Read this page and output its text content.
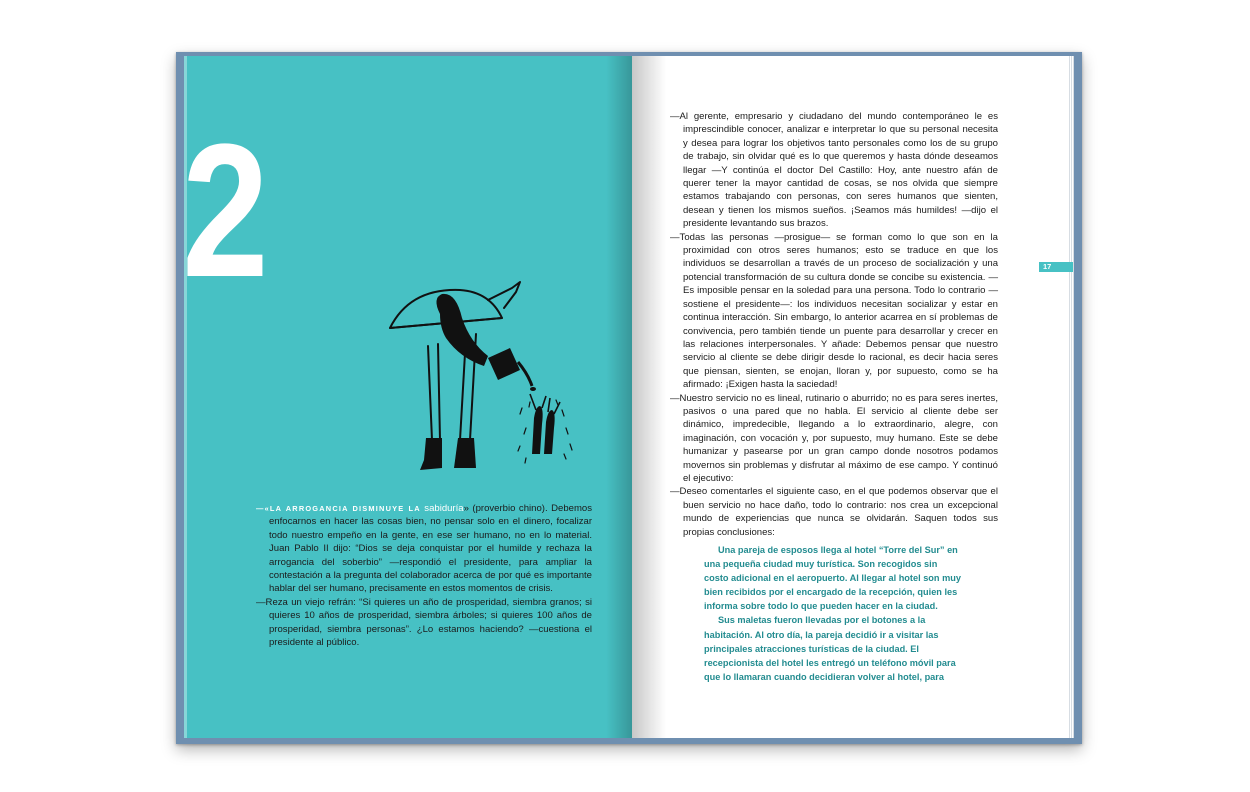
2

—«LA ARROGANCIA DISMINUYE LA sabiduría» (proverbio chino). Debemos enfocarnos en hacer las cosas bien, no pensar solo en el dinero, focalizar todo nuestro empeño en la gente, en ese ser humano, no en lo material. Juan Pablo II dijo: “Dios se deja conquistar por el humilde y rechaza la arrogancia del soberbio” —respondió el presidente, para ampliar la contestación a la pregunta del colaborador acerca de por qué es importante hablar del ser humano, precisamente en estos momentos de crisis.

—Reza un viejo refrán: “Si quieres un año de prosperidad, siembra granos; si quieres 10 años de prosperidad, siembra árboles; si quieres 100 años de prosperidad, siembra personas”. ¿Lo estamos haciendo? —cuestiona el presidente al público.

—Al gerente, empresario y ciudadano del mundo contemporáneo le es imprescindible conocer, analizar e interpretar lo que su personal necesita y desea para lograr los objetivos tanto personales como los de su grupo de trabajo, sin olvidar qué es lo que queremos y hasta dónde deseamos llegar —Y continúa el doctor Del Castillo: Hoy, ante nuestro afán de querer tener la mayor cantidad de cosas, se nos olvida que siempre estamos trabajando con personas, con seres humanos que sienten, desean y tienen los mismos sueños. ¡Seamos más humildes! —dijo el presidente levantando sus brazos.

—Todas las personas —prosigue— se forman como lo que son en la proximidad con otros seres humanos; esto se traduce en que los individuos se desarrollan a través de un proceso de socialización y una potencial transformación de su cultura donde se concibe su existencia. —Es imposible pensar en la soledad para una persona. Todo lo contrario —sostiene el presidente—: los individuos necesitan socializar y estar en continua interacción. Sin embargo, lo anterior acarrea en sí problemas de convivencia, pero también tiende un puente para desarrollar y crecer en las relaciones interpersonales. Y añade: Debemos pensar que nuestro servicio al cliente se debe dirigir desde lo racional, es decir hacia seres que piensan, sienten, se enojan, lloran y, por supuesto, como se ha afirmado: ¡Exigen hasta la saciedad!

—Nuestro servicio no es lineal, rutinario o aburrido; no es para seres inertes, pasivos o una pared que no habla. El servicio al cliente debe ser dinámico, impredecible, llegando a lo extraordinario, alegre, con imaginación, con vocación y, por supuesto, muy humano. Este se debe humanizar y pasearse por un gran campo donde nosotros podamos movernos sin problemas y disfrutar al máximo de ese campo. Y continuó el ejecutivo:

—Deseo comentarles el siguiente caso, en el que podemos observar que el buen servicio no hace daño, todo lo contrario: nos crea un excepcional mundo de experiencias que nunca se olvidarán. Saquen todos sus propias conclusiones:

Una pareja de esposos llega al hotel “Torre del Sur” en una pequeña ciudad muy turística. Son recogidos sin costo adicional en el aeropuerto. Al llegar al hotel son muy bien recibidos por el encargado de la recepción, quien les informa sobre todo lo que pueden hacer en la ciudad.

Sus maletas fueron llevadas por el botones a la habitación. Al otro día, la pareja decidió ir a visitar las principales atracciones turísticas de la ciudad. El recepcionista del hotel les entregó un teléfono móvil para que lo llamaran cuando decidieran volver al hotel, para

17
